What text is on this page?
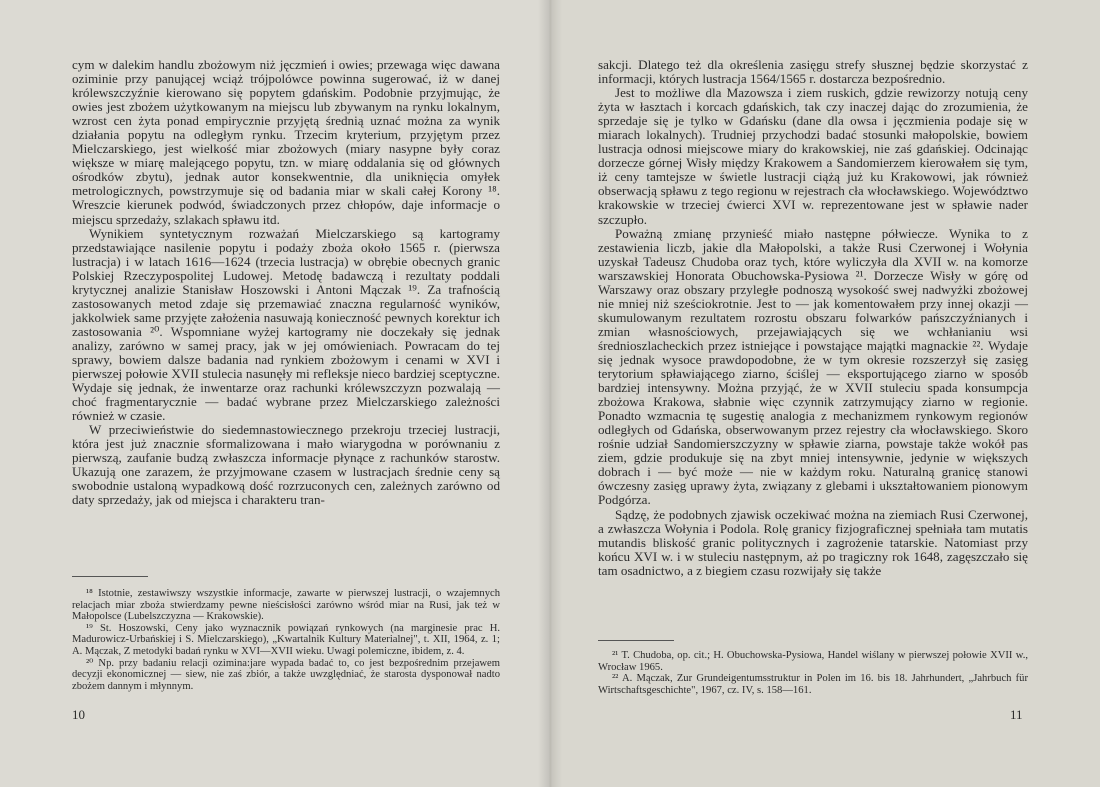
cym w dalekim handlu zbożowym niż jęczmień i owies; przewaga więc dawana oziminie przy panującej wciąż trójpolówce powinna sugerować, iż w danej królewszczyźnie kierowano się popytem gdańskim. Podobnie przyjmując, że owies jest zbożem użytkowanym na miejscu lub zbywanym na rynku lokalnym, wzrost cen żyta ponad empirycznie przyjętą średnią uznać można za wynik działania popytu na odległym rynku. Trzecim kryterium, przyjętym przez Mielczarskiego, jest wielkość miar zbożowych (miary nasypne były coraz większe w miarę malejącego popytu, tzn. w miarę oddalania się od głównych ośrodków zbytu), jednak autor konsekwentnie, dla uniknięcia omyłek metrologicznych, powstrzymuje się od badania miar w skali całej Korony ¹⁸. Wreszcie kierunek podwód, świadczonych przez chłopów, daje informacje o miejscu sprzedaży, szlakach spławu itd.

Wynikiem syntetycznym rozważań Mielczarskiego są kartogramy przedstawiające nasilenie popytu i podaży zboża około 1565 r. (pierwsza lustracja) i w latach 1616—1624 (trzecia lustracja) w obrębie obecnych granic Polskiej Rzeczypospolitej Ludowej. Metodę badawczą i rezultaty poddali krytycznej analizie Stanisław Hoszowski i Antoni Mączak ¹⁹. Za trafnością zastosowanych metod zdaje się przemawiać znaczna regularność wyników, jakkolwiek same przyjęte założenia nasuwają konieczność pewnych korektur ich zastosowania ²⁰. Wspomniane wyżej kartogramy nie doczekały się jednak analizy, zarówno w samej pracy, jak w jej omówieniach. Powracam do tej sprawy, bowiem dalsze badania nad rynkiem zbożowym i cenami w XVI i pierwszej połowie XVII stulecia nasunęły mi refleksje nieco bardziej sceptyczne. Wydaje się jednak, że inwentarze oraz rachunki królewszczyzn pozwalają — choć fragmentarycznie — badać wybrane przez Mielczarskiego zależności również w czasie.

W przeciwieństwie do siedemnastowiecznego przekroju trzeciej lustracji, która jest już znacznie sformalizowana i mało wiarygodna w porównaniu z pierwszą, zaufanie budzą zwłaszcza informacje płynące z rachunków starostw. Ukazują one zarazem, że przyjmowane czasem w lustracjach średnie ceny są swobodnie ustaloną wypadkową dość rozrzuconych cen, zależnych zarówno od daty sprzedaży, jak od miejsca i charakteru tran-

¹⁸ Istotnie, zestawiwszy wszystkie informacje, zawarte w pierwszej lustracji, o wzajemnych relacjach miar zboża stwierdzamy pewne nieścisłości zarówno wśród miar na Rusi, jak też w Małopolsce (Lubelszczyzna — Krakowskie).

¹⁹ St. Hoszowski, Ceny jako wyznacznik powiązań rynkowych (na marginesie prac H. Madurowicz-Urbańskiej i S. Mielczarskiego), „Kwartalnik Kultury Materialnej", t. XII, 1964, z. 1; A. Mączak, Z metodyki badań rynku w XVI—XVII wieku. Uwagi polemiczne, ibidem, z. 4.

²⁰ Np. przy badaniu relacji ozimina:jare wypada badać to, co jest bezpośrednim przejawem decyzji ekonomicznej — siew, nie zaś zbiór, a także uwzględniać, że starosta dysponował nadto zbożem dannym i młynnym.

10

sakcji. Dlatego też dla określenia zasięgu strefy słusznej będzie skorzystać z informacji, których lustracja 1564/1565 r. dostarcza bezpośrednio.

Jest to możliwe dla Mazowsza i ziem ruskich, gdzie rewizorzy notują ceny żyta w łasztach i korcach gdańskich, tak czy inaczej dając do zrozumienia, że sprzedaje się je tylko w Gdańsku (dane dla owsa i jęczmienia podaje się w miarach lokalnych). Trudniej przychodzi badać stosunki małopolskie, bowiem lustracja odnosi miejscowe miary do krakowskiej, nie zaś gdańskiej. Odcinając dorzecze górnej Wisły między Krakowem a Sandomierzem kierowałem się tym, iż ceny tamtejsze w świetle lustracji ciążą już ku Krakowowi, jak również obserwacją spławu z tego regionu w rejestrach cła włocławskiego. Województwo krakowskie w trzeciej ćwierci XVI w. reprezentowane jest w spławie nader szczupło.

Poważną zmianę przynieść miało następne półwiecze. Wynika to z zestawienia liczb, jakie dla Małopolski, a także Rusi Czerwonej i Wołynia uzyskał Tadeusz Chudoba oraz tych, które wyliczyła dla XVII w. na komorze warszawskiej Honorata Obuchowska-Pysiowa ²¹. Dorzecze Wisły w górę od Warszawy oraz obszary przyległe podnoszą wysokość swej nadwyżki zbożowej nie mniej niż sześciokrotnie. Jest to — jak komentowałem przy innej okazji — skumulowanym rezultatem rozrostu obszaru folwarków pańszczyźnianych i zmian własnościowych, przejawiających się we wchłanianiu wsi średnioszlacheckich przez istniejące i powstające majątki magnackie ²². Wydaje się jednak wysoce prawdopodobne, że w tym okresie rozszerzył się zasięg terytorium spławiającego ziarno, ściślej — eksportującego ziarno w sposób bardziej intensywny. Można przyjąć, że w XVII stuleciu spada konsumpcja zbożowa Krakowa, słabnie więc czynnik zatrzymujący ziarno w regionie. Ponadto wzmacnia tę sugestię analogia z mechanizmem rynkowym regionów odległych od Gdańska, obserwowanym przez rejestry cła włocławskiego. Skoro rośnie udział Sandomierszczyzny w spławie ziarna, powstaje także wokół pas ziem, gdzie produkuje się na zbyt mniej intensywnie, jedynie w większych dobrach i — być może — nie w każdym roku. Naturalną granicę stanowi ówczesny zasięg uprawy żyta, związany z glebami i ukształtowaniem pionowym Podgórza.

Sądzę, że podobnych zjawisk oczekiwać można na ziemiach Rusi Czerwonej, a zwłaszcza Wołynia i Podola. Rolę granicy fizjograficznej spełniała tam mutatis mutandis bliskość granic politycznych i zagrożenie tatarskie. Natomiast przy końcu XVI w. i w stuleciu następnym, aż po tragiczny rok 1648, zagęszczało się tam osadnictwo, a z biegiem czasu rozwijały się także

²¹ T. Chudoba, op. cit.; H. Obuchowska-Pysiowa, Handel wiślany w pierwszej połowie XVII w., Wrocław 1965.

²² A. Mączak, Zur Grundeigentumsstruktur in Polen im 16. bis 18. Jahrhundert, „Jahrbuch für Wirtschaftsgeschichte", 1967, cz. IV, s. 158—161.

11
